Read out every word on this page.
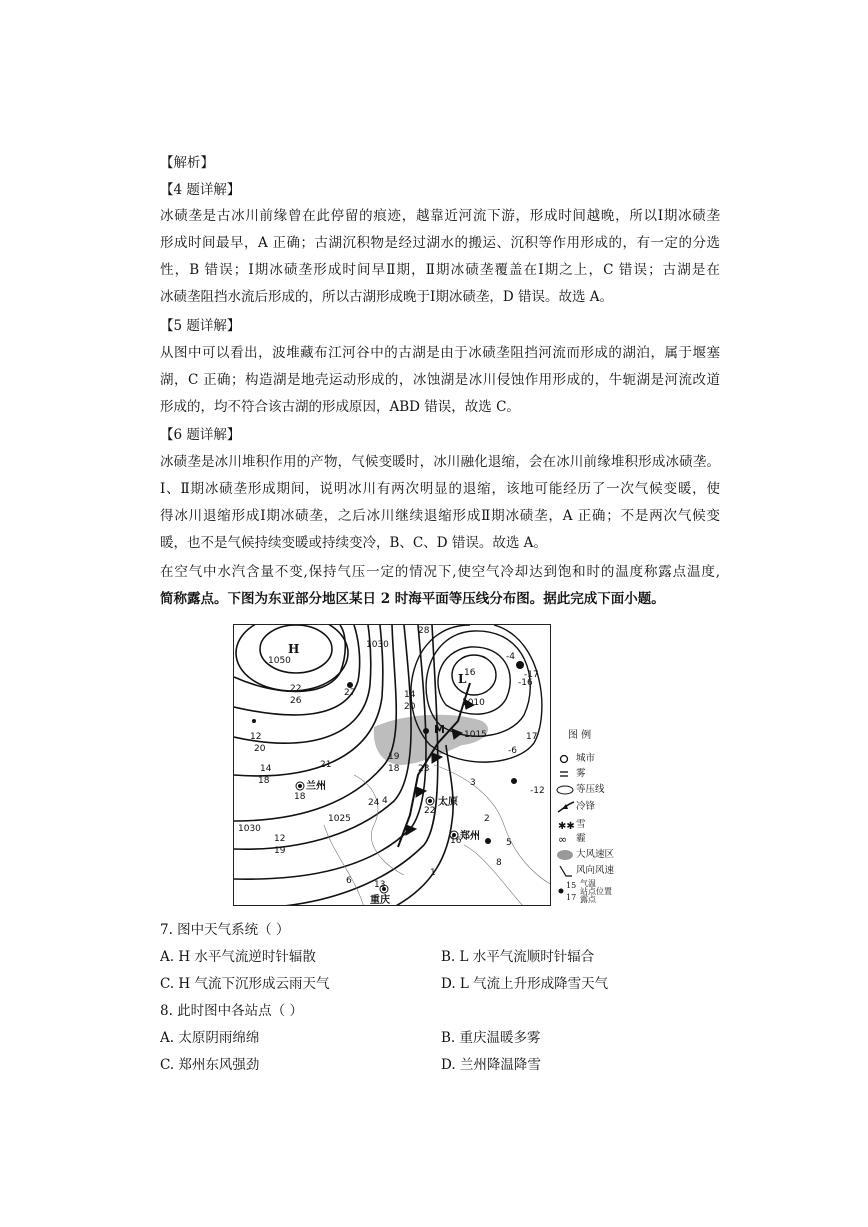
【解析】
【4 题详解】
冰碛垄是古冰川前缘曾在此停留的痕迹，越靠近河流下游，形成时间越晚，所以Ⅰ期冰碛垄
形成时间最早，A 正确；古湖沉积物是经过湖水的搬运、沉积等作用形成的，有一定的分选
性，B 错误；Ⅰ期冰碛垄形成时间早Ⅱ期，Ⅱ期冰碛垄覆盖在Ⅰ期之上，C 错误；古湖是在
冰碛垄阻挡水流后形成的，所以古湖形成晚于Ⅰ期冰碛垄，D 错误。故选 A。
【5 题详解】
从图中可以看出，波堆藏布江河谷中的古湖是由于冰碛垄阻挡河流而形成的湖泊，属于堰塞
湖，C 正确；构造湖是地壳运动形成的，冰蚀湖是冰川侵蚀作用形成的，牛轭湖是河流改道
形成的，均不符合该古湖的形成原因，ABD 错误，故选 C。
【6 题详解】
冰碛垄是冰川堆积作用的产物，气候变暖时，冰川融化退缩，会在冰川前缘堆积形成冰碛垄。
Ⅰ、Ⅱ期冰碛垄形成期间，说明冰川有两次明显的退缩，该地可能经历了一次气候变暖，使
得冰川退缩形成Ⅰ期冰碛垄，之后冰川继续退缩形成Ⅱ期冰碛垄，A 正确；不是两次气候变
暖，也不是气候持续变暖或持续变冷，B、C、D 错误。故选 A。
在空气中水汽含量不变,保持气压一定的情况下,使空气冷却达到饱和时的温度称露点温度,
简称露点。下图为东亚部分地区某日 2 时海平面等压线分布图。据此完成下面小题。
H
L
M
1050
1030
1030
1010
1015
1025
兰州
太原
郑州
重庆
22
26
28
27	14
20
12
20
14
18
18
21
19
18 23
24
22
16
16
17
12
19
13
6
-4
-16
-17
-6
-12
3
2
8
1
5
4
图 例
城市
雾
等压线
冷锋
✱✱ 雪
∞ 霾
大风速区
风向风速
15
17
气温
站点位置
露点
7. 图中天气系统（ ）
A. H 水平气流逆时针辐散	B. L 水平气流顺时针辐合
C. H 气流下沉形成云雨天气	D. L 气流上升形成降雪天气
8. 此时图中各站点（ ）
A. 太原阴雨绵绵	B. 重庆温暖多雾
C. 郑州东风强劲	D. 兰州降温降雪
